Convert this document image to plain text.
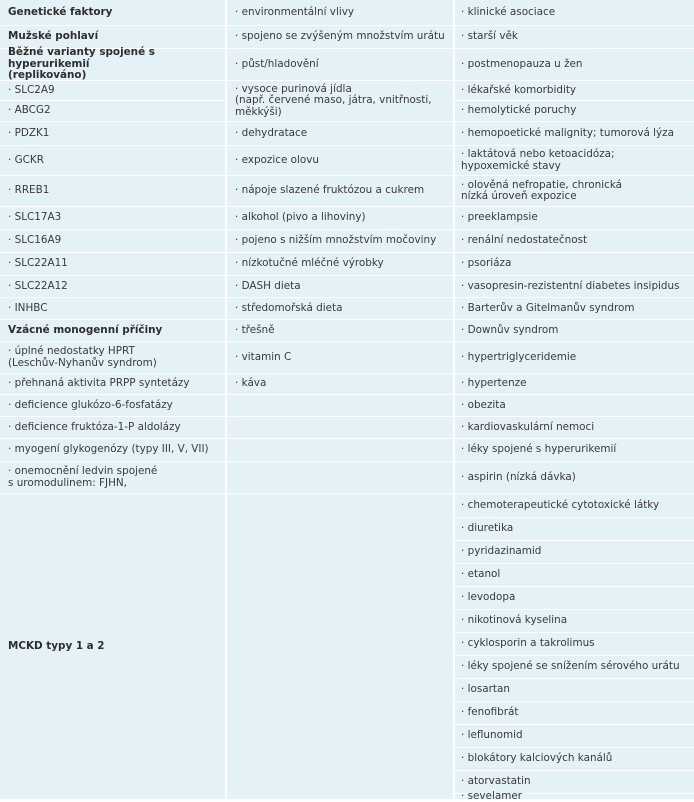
Genetické faktory
Mužské pohlaví
Běžné varianty spojené s hyperurikemií
(replikováno)
· SLC2A9
· ABCG2
· PDZK1
· GCKR
· RREB1
· SLC17A3
· SLC16A9
· SLC22A11
· SLC22A12
· INHBC
Vzácné monogenní příčiny
· úplné nedostatky HPRT
(Leschův-Nyhanův syndrom)
· přehnaná aktivita PRPP syntetázy
· deficience glukózo-6-fosfatázy
· deficience fruktóza-1-P aldolázy
· myogení glykogenózy (typy III, V, VII)
· onemocnění ledvin spojené
s uromodulinem: FJHN,
MCKD typy 1 a 2
· environmentální vlivy
· spojeno se zvýšeným množstvím urátu
· půst/hladovění
· vysoce purinová jídla
(např. červené maso, játra, vnitřnosti,
měkkýši)
· dehydratace
· expozice olovu
· nápoje slazené fruktózou a cukrem
· alkohol (pivo a lihoviny)
· pojeno s nižším množstvím močoviny
· nízkotučné mléčné výrobky
· DASH dieta
· středomořská dieta
· třešně
· vitamin C
· káva
· klinické asociace
· starší věk
· postmenopauza u žen
· lékařské komorbidity
· hemolytické poruchy
· hemopoetické malignity; tumorová lýza
· laktátová nebo ketoacidóza;
hypoxemické stavy
· olověná nefropatie, chronická
nízká úroveň expozice
· preeklampsie
· renální nedostatečnost
· psoriáza
· vasopresin-rezistentní diabetes insipidus
· Barterův a Gitelmanův syndrom
· Downův syndrom
· hypertriglyceridemie
· hypertenze
· obezita
· kardiovaskulární nemoci
· léky spojené s hyperurikemií
· aspirin (nízká dávka)
· chemoterapeutické cytotoxické látky
· diuretika
· pyridazinamid
· etanol
· levodopa
· nikotinová kyselina
· cyklosporin a takrolimus
· léky spojené se snížením sérového urátu
· losartan
· fenofibrát
· leflunomid
· blokátory kalciových kanálů
· atorvastatin
· sevelamer
